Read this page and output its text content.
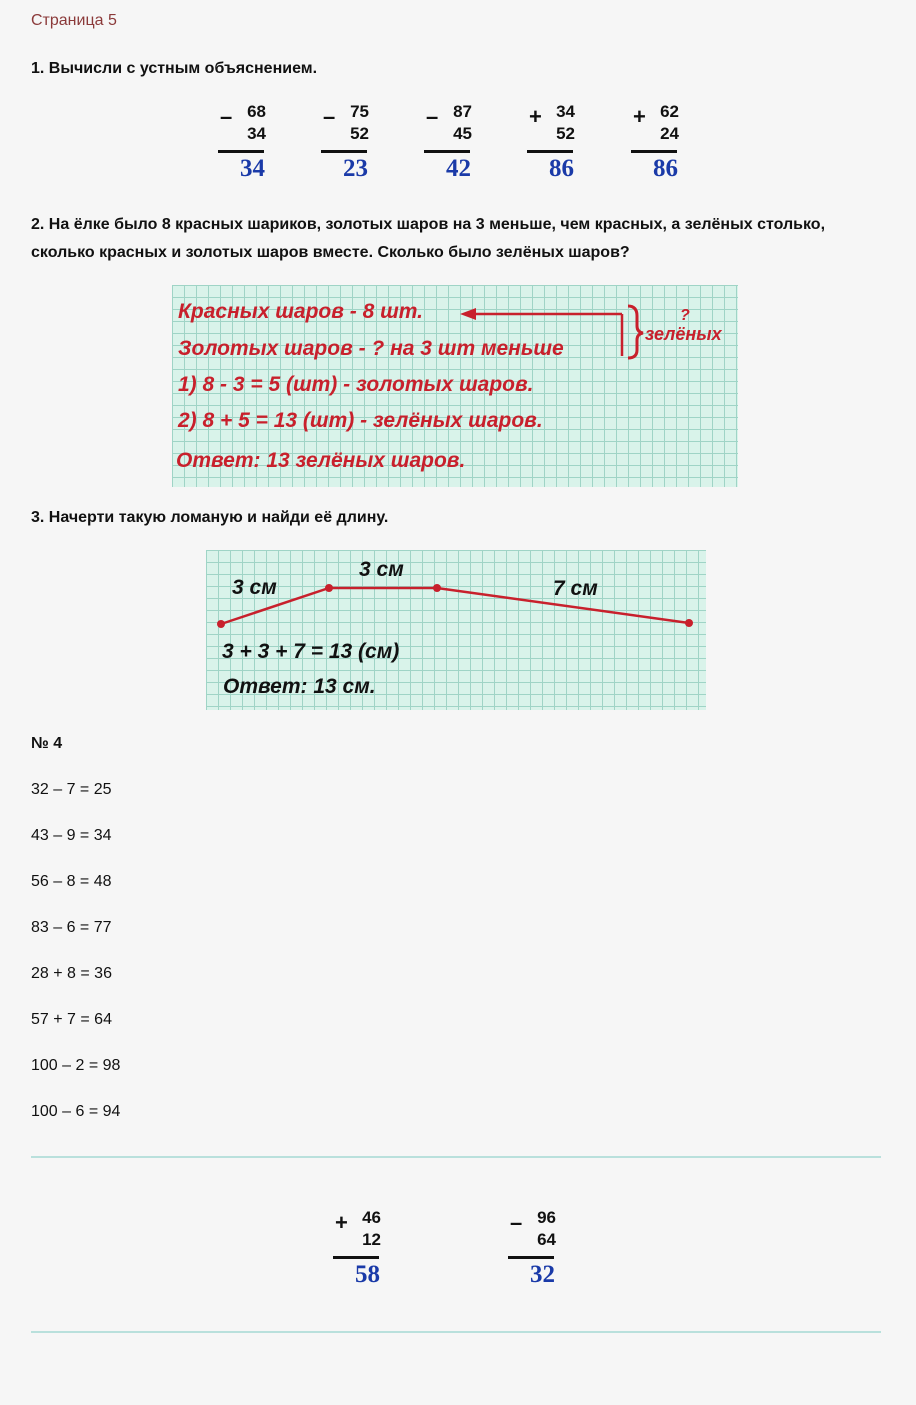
Страница 5
1. Вычисли с устным объяснением.
– 68
34
34
– 75
52
23
– 87
45
42
+ 34
52
86
+ 62
24
86
2. На ёлке было 8 красных шариков, золотых шаров на 3 меньше, чем красных, а зелёных столько, сколько красных и золотых шаров вместе. Сколько было зелёных шаров?
Красных шаров - 8 шт.
Золотых шаров - ? на 3 шт меньше
1) 8 - 3 = 5 (шт) - золотых шаров.
2) 8 + 5 = 13 (шт) - зелёных шаров.
Ответ: 13 зелёных шаров.
?
зелёных
3. Начерти такую ломаную и найди её длину.
3 см
3 см
7 см
3 + 3 + 7 = 13 (см)
Ответ: 13 см.
№ 4
32 – 7 = 25
43 – 9 = 34
56 – 8 = 48
83 – 6 = 77
28 + 8 = 36
57 + 7 = 64
100 – 2 = 98
100 – 6 = 94
+ 46
12
58
– 96
64
32
